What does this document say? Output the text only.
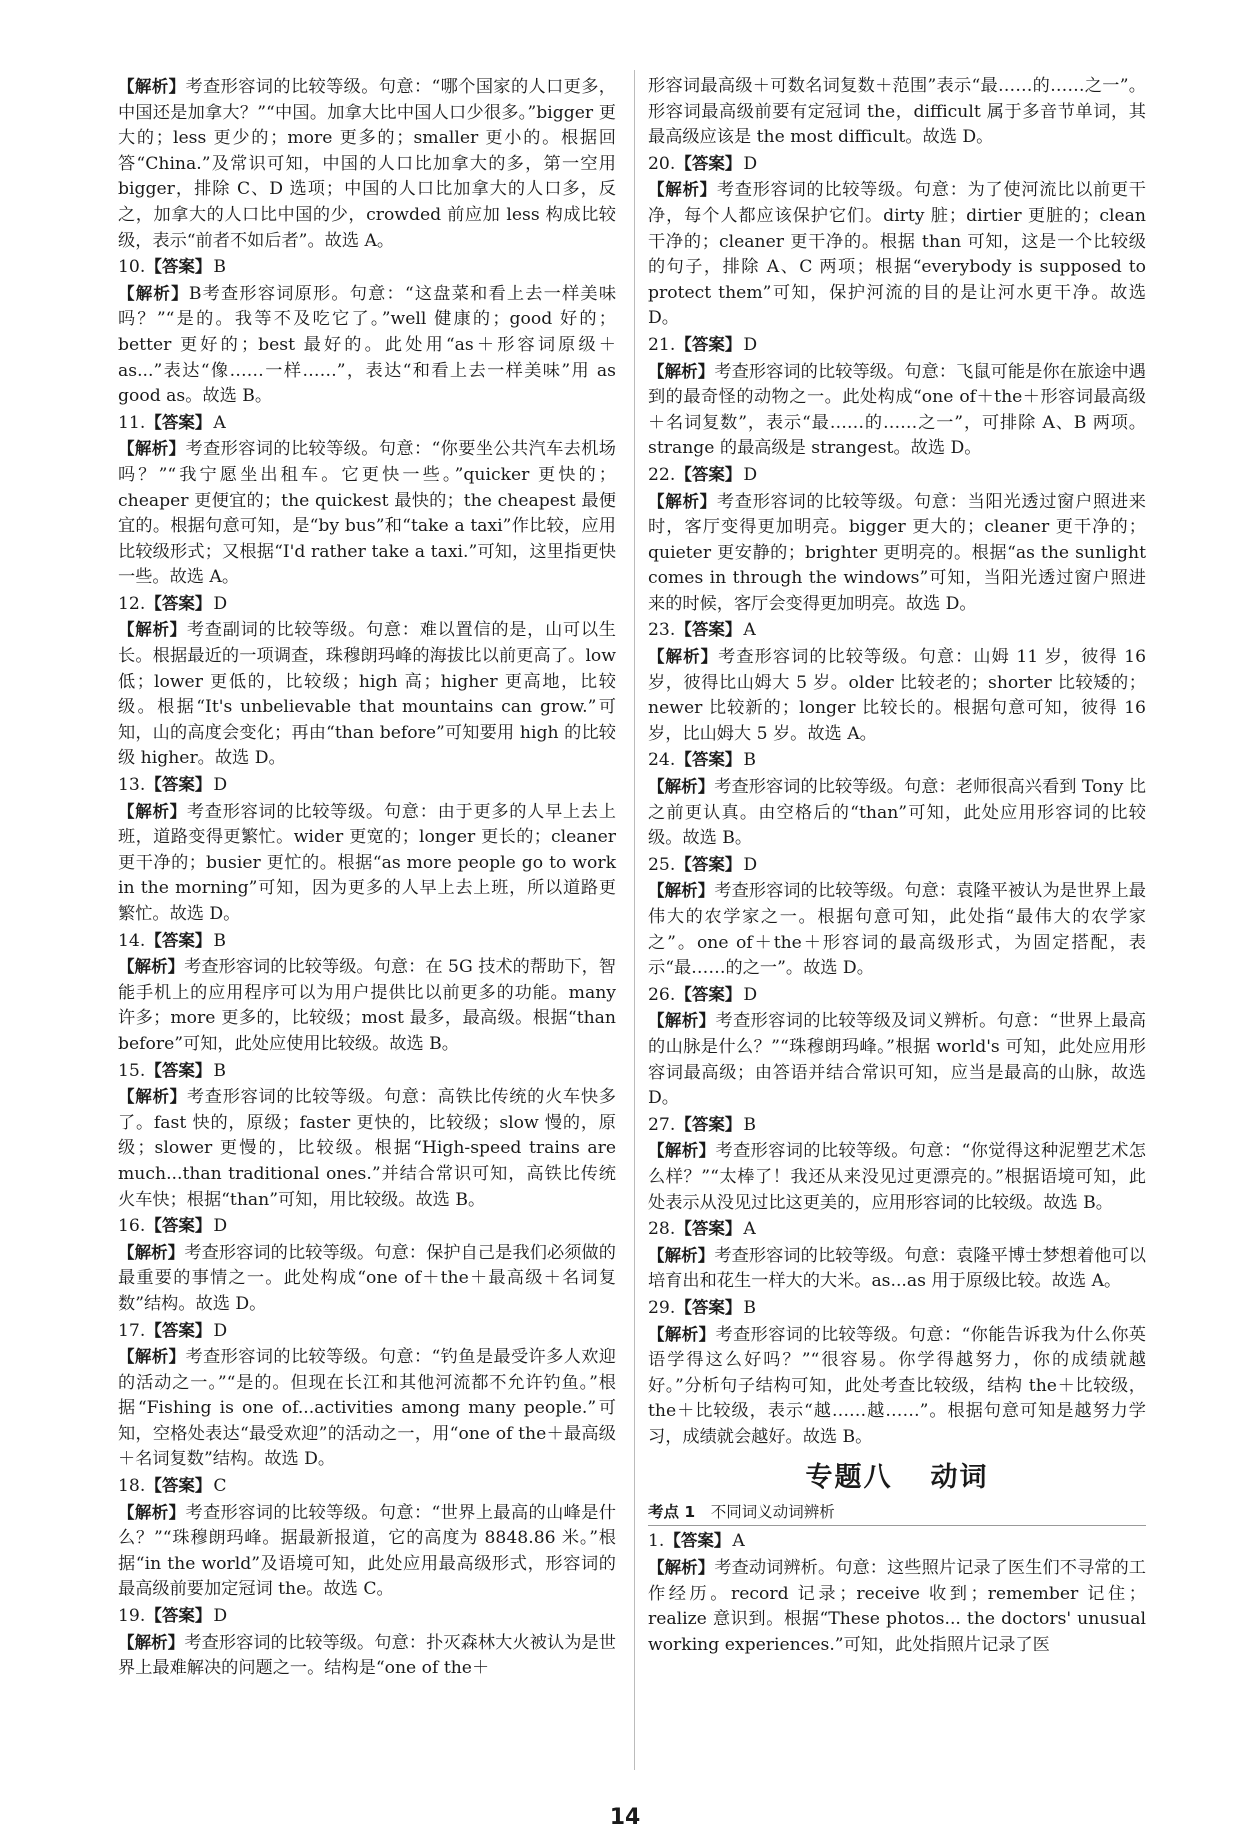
【解析】考查形容词的比较等级。句意：“哪个国家的人口更多，中国还是加拿大？”“中国。加拿大比中国人口少很多。”bigger 更大的；less 更少的；more 更多的；smaller 更小的。根据回答“China.”及常识可知，中国的人口比加拿大的多，第一空用 bigger，排除 C、D 选项；中国的人口比加拿大的人口多，反之，加拿大的人口比中国的少，crowded 前应加 less 构成比较级，表示“前者不如后者”。故选 A。
10. 【答案】 B
【解析】B考查形容词原形。句意：“这盘菜和看上去一样美味吗？”“是的。我等不及吃它了。”well 健康的；good 好的；better 更好的；best 最好的。此处用“as＋形容词原级＋as...”表达“像……一样……”，表达“和看上去一样美味”用 as good as。故选 B。
11. 【答案】 A
【解析】考查形容词的比较等级。句意：“你要坐公共汽车去机场吗？”“我宁愿坐出租车。它更快一些。”quicker 更快的；cheaper 更便宜的；the quickest 最快的；the cheapest 最便宜的。根据句意可知，是“by bus”和“take a taxi”作比较，应用比较级形式；又根据“I'd rather take a taxi.”可知，这里指更快一些。故选 A。
12. 【答案】 D
【解析】考查副词的比较等级。句意：难以置信的是，山可以生长。根据最近的一项调查，珠穆朗玛峰的海拔比以前更高了。low 低；lower 更低的，比较级；high 高；higher 更高地，比较级。根据“It's unbelievable that mountains can grow.”可知，山的高度会变化；再由“than before”可知要用 high 的比较级 higher。故选 D。
13. 【答案】 D
【解析】考查形容词的比较等级。句意：由于更多的人早上去上班，道路变得更繁忙。wider 更宽的；longer 更长的；cleaner 更干净的；busier 更忙的。根据“as more people go to work in the morning”可知，因为更多的人早上去上班，所以道路更繁忙。故选 D。
14. 【答案】 B
【解析】考查形容词的比较等级。句意：在 5G 技术的帮助下，智能手机上的应用程序可以为用户提供比以前更多的功能。many 许多；more 更多的，比较级；most 最多，最高级。根据“than before”可知，此处应使用比较级。故选 B。
15. 【答案】 B
【解析】考查形容词的比较等级。句意：高铁比传统的火车快多了。fast 快的，原级；faster 更快的，比较级；slow 慢的，原级；slower 更慢的，比较级。根据“High-speed trains are much...than traditional ones.”并结合常识可知，高铁比传统火车快；根据“than”可知，用比较级。故选 B。
16. 【答案】 D
【解析】考查形容词的比较等级。句意：保护自己是我们必须做的最重要的事情之一。此处构成“one of＋the＋最高级＋名词复数”结构。故选 D。
17. 【答案】 D
【解析】考查形容词的比较等级。句意：“钓鱼是最受许多人欢迎的活动之一。”“是的。但现在长江和其他河流都不允许钓鱼。”根据“Fishing is one of...activities among many people.”可知，空格处表达“最受欢迎”的活动之一，用“one of the＋最高级＋名词复数”结构。故选 D。
18. 【答案】 C
【解析】考查形容词的比较等级。句意：“世界上最高的山峰是什么？”“珠穆朗玛峰。据最新报道，它的高度为 8848.86 米。”根据“in the world”及语境可知，此处应用最高级形式，形容词的最高级前要加定冠词 the。故选 C。
19. 【答案】 D
【解析】考查形容词的比较等级。句意：扑灭森林大火被认为是世界上最难解决的问题之一。结构是“one of the＋
形容词最高级＋可数名词复数＋范围”表示“最……的……之一”。形容词最高级前要有定冠词 the，difficult 属于多音节单词，其最高级应该是 the most difficult。故选 D。
20. 【答案】 D
【解析】考查形容词的比较等级。句意：为了使河流比以前更干净，每个人都应该保护它们。dirty 脏；dirtier 更脏的；clean 干净的；cleaner 更干净的。根据 than 可知，这是一个比较级的句子，排除 A、C 两项；根据“everybody is supposed to protect them”可知，保护河流的目的是让河水更干净。故选 D。
21. 【答案】 D
【解析】考查形容词的比较等级。句意：飞鼠可能是你在旅途中遇到的最奇怪的动物之一。此处构成“one of＋the＋形容词最高级＋名词复数”，表示“最……的……之一”，可排除 A、B 两项。strange 的最高级是 strangest。故选 D。
22. 【答案】 D
【解析】考查形容词的比较等级。句意：当阳光透过窗户照进来时，客厅变得更加明亮。bigger 更大的；cleaner 更干净的；quieter 更安静的；brighter 更明亮的。根据“as the sunlight comes in through the windows”可知，当阳光透过窗户照进来的时候，客厅会变得更加明亮。故选 D。
23. 【答案】 A
【解析】考查形容词的比较等级。句意：山姆 11 岁，彼得 16 岁，彼得比山姆大 5 岁。older 比较老的；shorter 比较矮的；newer 比较新的；longer 比较长的。根据句意可知，彼得 16 岁，比山姆大 5 岁。故选 A。
24. 【答案】 B
【解析】考查形容词的比较等级。句意：老师很高兴看到 Tony 比之前更认真。由空格后的“than”可知，此处应用形容词的比较级。故选 B。
25. 【答案】 D
【解析】考查形容词的比较等级。句意：袁隆平被认为是世界上最伟大的农学家之一。根据句意可知，此处指“最伟大的农学家之”。one of＋the＋形容词的最高级形式，为固定搭配，表示“最……的之一”。故选 D。
26. 【答案】 D
【解析】考查形容词的比较等级及词义辨析。句意：“世界上最高的山脉是什么？”“珠穆朗玛峰。”根据 world's 可知，此处应用形容词最高级；由答语并结合常识可知，应当是最高的山脉，故选 D。
27. 【答案】 B
【解析】考查形容词的比较等级。句意：“你觉得这种泥塑艺术怎么样？”“太棒了！我还从来没见过更漂亮的。”根据语境可知，此处表示从没见过比这更美的，应用形容词的比较级。故选 B。
28. 【答案】 A
【解析】考查形容词的比较等级。句意：袁隆平博士梦想着他可以培育出和花生一样大的大米。as...as 用于原级比较。故选 A。
29. 【答案】 B
【解析】考查形容词的比较等级。句意：“你能告诉我为什么你英语学得这么好吗？”“很容易。你学得越努力，你的成绩就越好。”分析句子结构可知，此处考查比较级，结构 the＋比较级，the＋比较级，表示“越……越……”。根据句意可知是越努力学习，成绩就会越好。故选 B。
专题八 动词
考点 1　 不同词义动词辨析
1. 【答案】 A
【解析】考查动词辨析。句意：这些照片记录了医生们不寻常的工作经历。record 记录；receive 收到；remember 记住；realize 意识到。根据“These photos... the doctors' unusual working experiences.”可知，此处指照片记录了医
14
